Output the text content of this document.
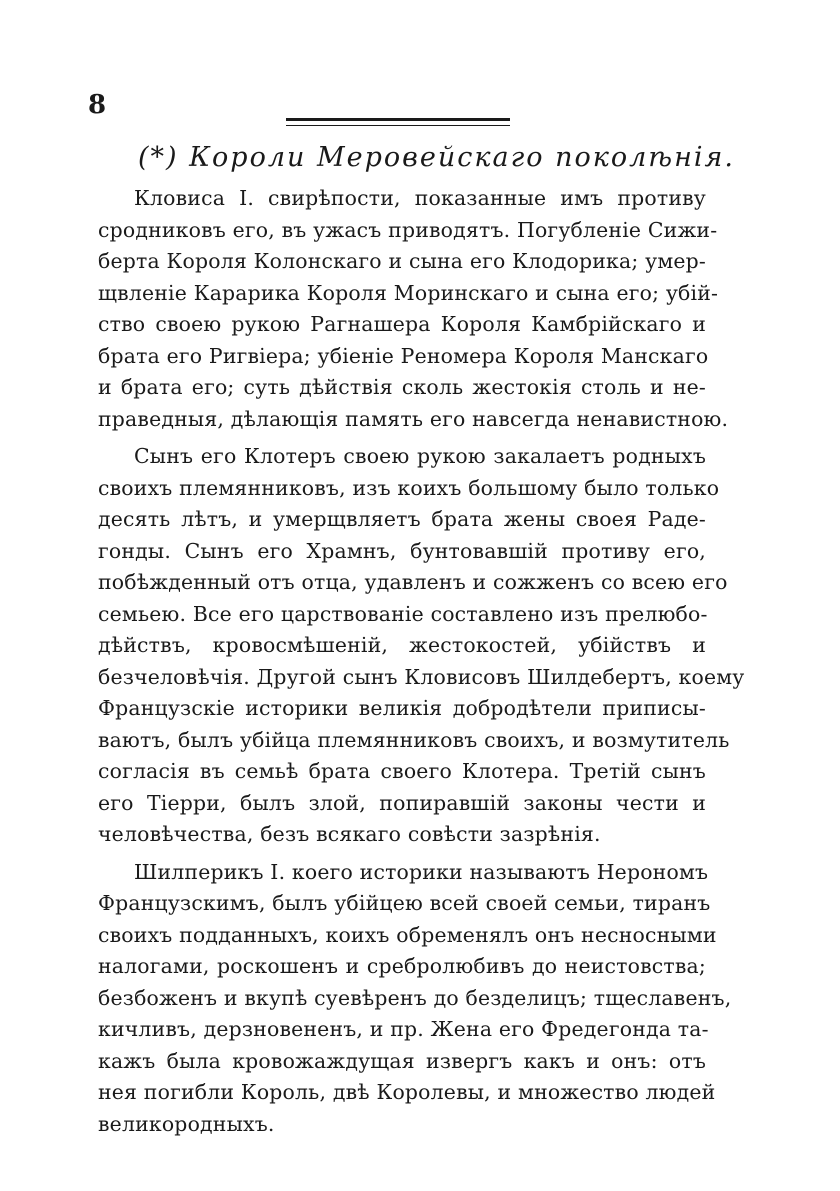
8
(*) Короли Меровейскаго поколѣнія.
Кловиса I. свирѣпости, показанные имъ противу
сродниковъ его, въ ужасъ приводятъ. Погубленіе Сижи-
берта Короля Колонскаго и сына его Клодорика; умер-
щвленіе Карарика Короля Моринскаго и сына его; убій-
ство своею рукою Рагнашера Короля Камбрійскаго и
брата его Ригвіера; убіеніе Реномера Короля Манскаго
и брата его; суть дѣйствія сколь жестокія столь и не-
праведныя, дѣлающія память его навсегда ненавистною.
Сынъ его Клотеръ своею рукою закалаетъ родныхъ
своихъ племянниковъ, изъ коихъ большому было только
десять лѣтъ, и умерщвляетъ брата жены своея Раде-
гонды. Сынъ его Храмнъ, бунтовавшій противу его,
побѣжденный отъ отца, удавленъ и сожженъ со всею его
семьею. Все его царствованіе составлено изъ прелюбо-
дѣйствъ, кровосмѣшеній, жестокостей, убійствъ и
безчеловѣчія. Другой сынъ Кловисовъ Шилдебертъ, коему
Французскіе историки великія добродѣтели приписы-
ваютъ, былъ убійца племянниковъ своихъ, и возмутитель
согласія въ семьѣ брата своего Клотера. Третій сынъ
его Тіерри, былъ злой, попиравшій законы чести и
человѣчества, безъ всякаго совѣсти зазрѣнія.
Шилперикъ I. коего историки называютъ Нерономъ
Французскимъ, былъ убійцею всей своей семьи, тиранъ
своихъ подданныхъ, коихъ обременялъ онъ несносными
налогами, роскошенъ и сребролюбивъ до неистовства;
безбоженъ и вкупѣ суевѣренъ до безделицъ; тщеславенъ,
кичливъ, дерзновененъ, и пр. Жена его Фредегонда та-
кажъ была кровожаждущая извергъ какъ и онъ: отъ
нея погибли Король, двѣ Королевы, и множество людей
великородныхъ.
